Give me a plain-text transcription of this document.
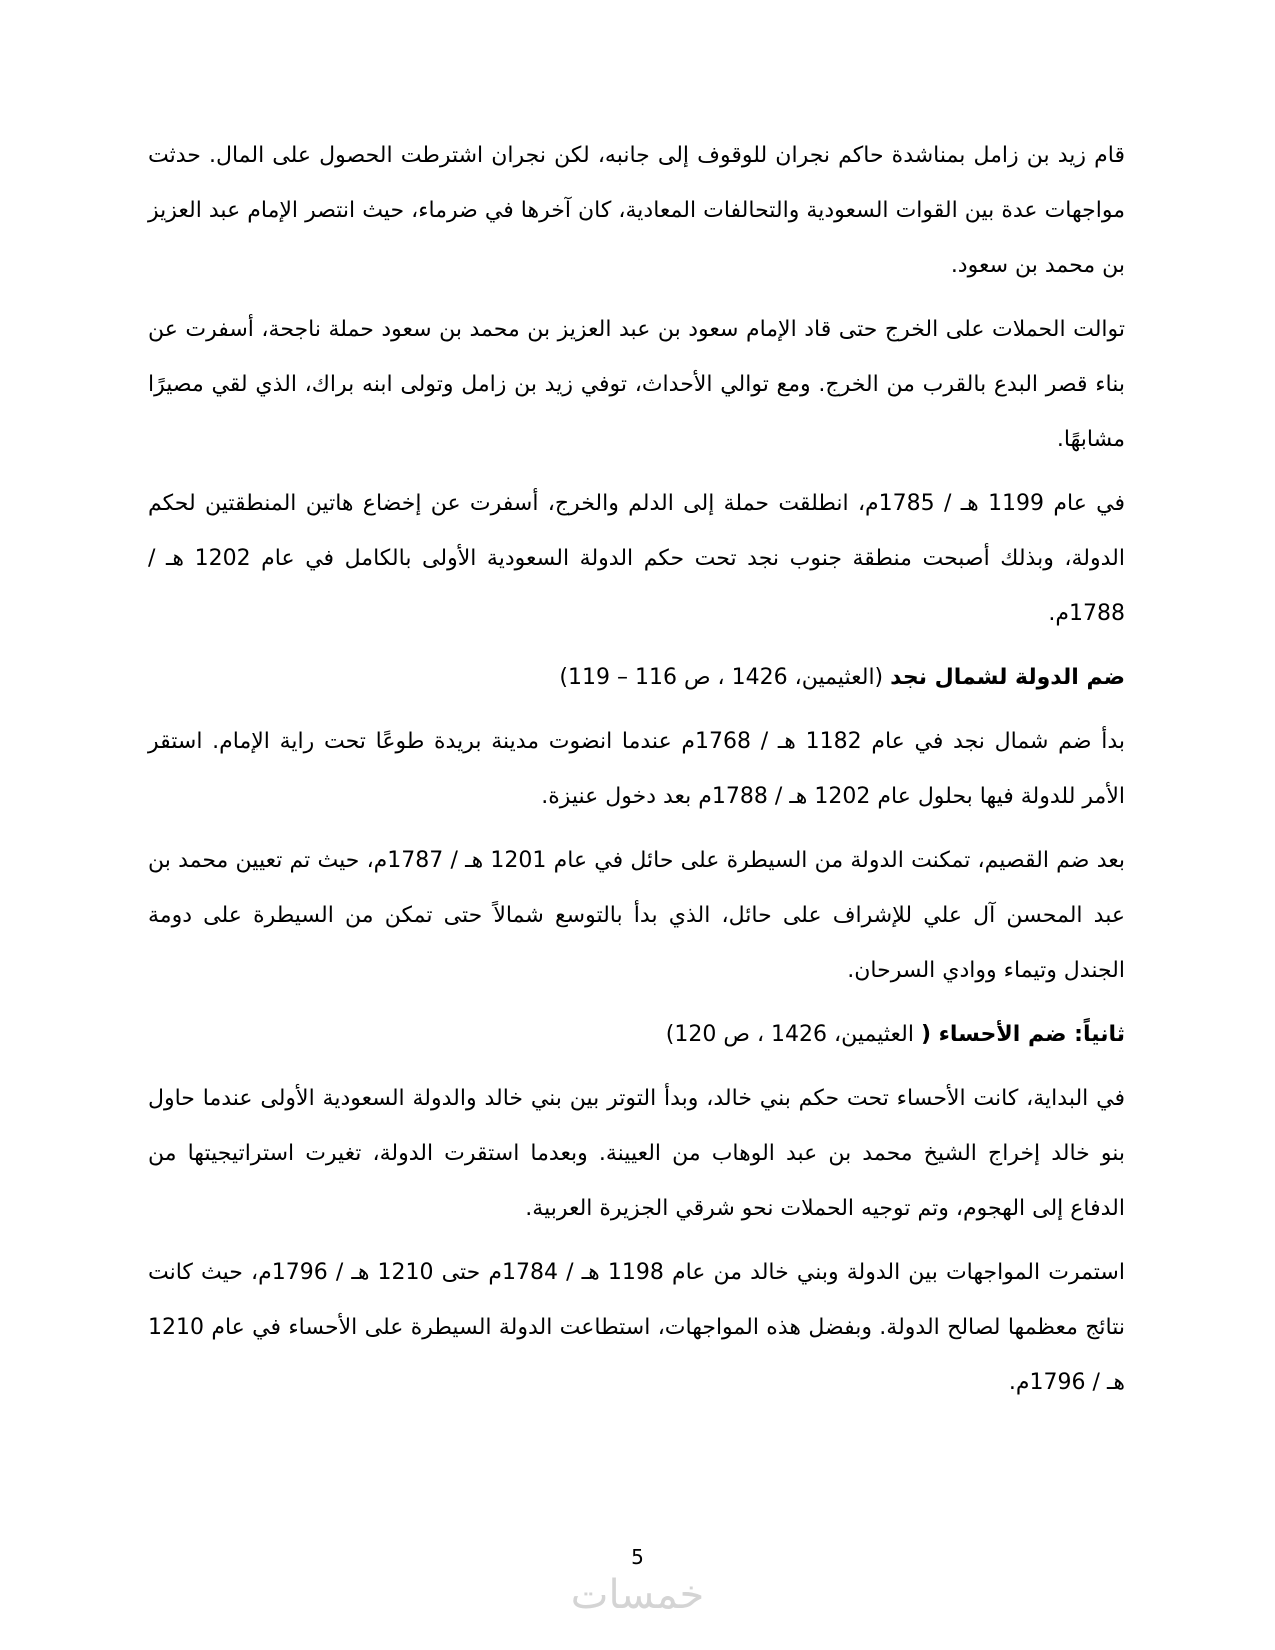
قام زيد بن زامل بمناشدة حاكم نجران للوقوف إلى جانبه، لكن نجران اشترطت الحصول على المال. حدثت مواجهات عدة بين القوات السعودية والتحالفات المعادية، كان آخرها في ضرماء، حيث انتصر الإمام عبد العزيز بن محمد بن سعود.

توالت الحملات على الخرج حتى قاد الإمام سعود بن عبد العزيز بن محمد بن سعود حملة ناجحة، أسفرت عن بناء قصر البدع بالقرب من الخرج. ومع توالي الأحداث، توفي زيد بن زامل وتولى ابنه براك، الذي لقي مصيرًا مشابهًا.

في عام 1199 هـ / 1785م، انطلقت حملة إلى الدلم والخرج، أسفرت عن إخضاع هاتين المنطقتين لحكم الدولة، وبذلك أصبحت منطقة جنوب نجد تحت حكم الدولة السعودية الأولى بالكامل في عام 1202 هـ / 1788م.

ضم الدولة لشمال نجد (العثيمين، 1426 ، ص 116 – 119)

بدأ ضم شمال نجد في عام 1182 هـ / 1768م عندما انضوت مدينة بريدة طوعًا تحت راية الإمام. استقر الأمر للدولة فيها بحلول عام 1202 هـ / 1788م بعد دخول عنيزة.

بعد ضم القصيم، تمكنت الدولة من السيطرة على حائل في عام 1201 هـ / 1787م، حيث تم تعيين محمد بن عبد المحسن آل علي للإشراف على حائل، الذي بدأ بالتوسع شمالاً حتى تمكن من السيطرة على دومة الجندل وتيماء ووادي السرحان.

ثانياً: ضم الأحساء ( العثيمين، 1426 ، ص 120)

في البداية، كانت الأحساء تحت حكم بني خالد، وبدأ التوتر بين بني خالد والدولة السعودية الأولى عندما حاول بنو خالد إخراج الشيخ محمد بن عبد الوهاب من العيينة. وبعدما استقرت الدولة، تغيرت استراتيجيتها من الدفاع إلى الهجوم، وتم توجيه الحملات نحو شرقي الجزيرة العربية.

استمرت المواجهات بين الدولة وبني خالد من عام 1198 هـ / 1784م حتى 1210 هـ / 1796م، حيث كانت نتائج معظمها لصالح الدولة. وبفضل هذه المواجهات، استطاعت الدولة السيطرة على الأحساء في عام 1210 هـ / 1796م.

5
خمسات
